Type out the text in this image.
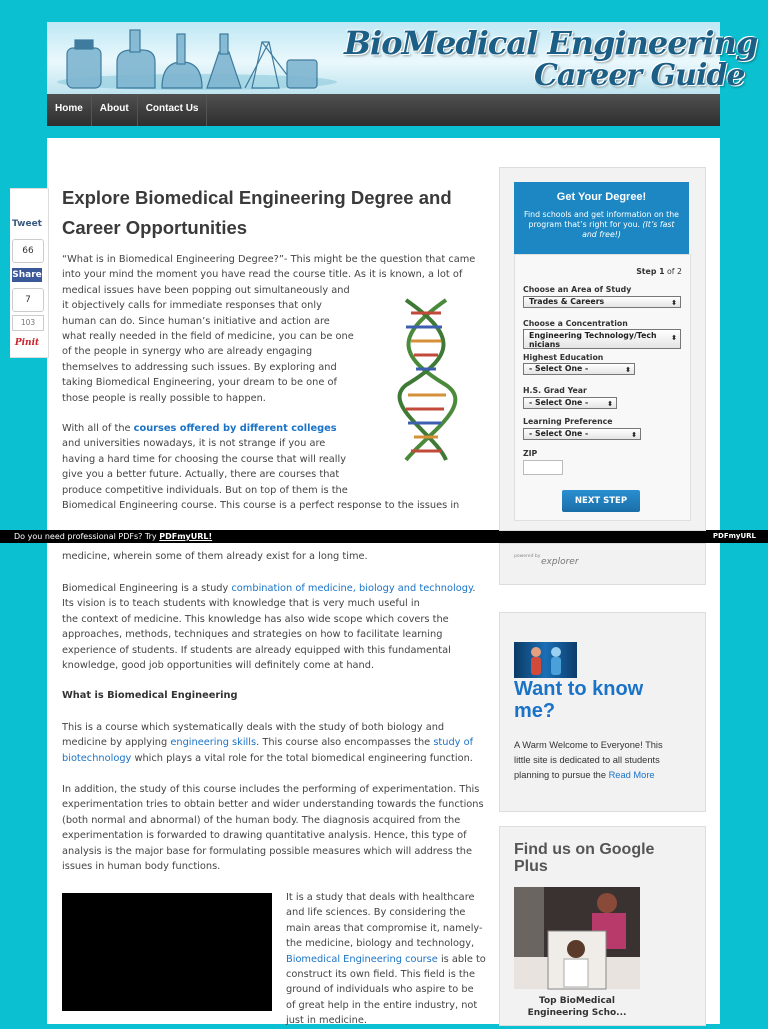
BioMedical Engineering
Career Guide
Home	About	Contact Us
Tweet
66
Share
7
103
Pinit
Explore Biomedical Engineering Degree and Career Opportunities
“What is in Biomedical Engineering Degree?”- This might be the question that came
into your mind the moment you have read the course title. As it is known, a lot of
medical issues have been popping out simultaneously and
it objectively calls for immediate responses that only
human can do. Since human’s initiative and action are
what really needed in the field of medicine, you can be one
of the people in synergy who are already engaging
themselves to addressing such issues. By exploring and
taking Biomedical Engineering, your dream to be one of
those people is really possible to happen.
With all of the courses offered by different colleges
and universities nowadays, it is not strange if you are
having a hard time for choosing the course that will really
give you a better future. Actually, there are courses that
produce competitive individuals. But on top of them is the
Biomedical Engineering course. This course is a perfect response to the issues in
Do you need professional PDFs? Try PDFmyURL!	PDFmyURL
medicine, wherein some of them already exist for a long time.
Biomedical Engineering is a study combination of medicine, biology and technology.
Its vision is to teach students with knowledge that is very much useful in
the context of medicine. This knowledge has also wide scope which covers the
approaches, methods, techniques and strategies on how to facilitate learning
experience of students. If students are already equipped with this fundamental
knowledge, good job opportunities will definitely come at hand.
What is Biomedical Engineering
This is a course which systematically deals with the study of both biology and
medicine by applying engineering skills. This course also encompasses the study of
biotechnology which plays a vital role for the total biomedical engineering function.
In addition, the study of this course includes the performing of experimentation. This
experimentation tries to obtain better and wider understanding towards the functions
(both normal and abnormal) of the human body. The diagnosis acquired from the
experimentation is forwarded to drawing quantitative analysis. Hence, this type of
analysis is the major base for formulating possible measures which will address the
issues in human body functions.
It is a study that deals with healthcare
and life sciences. By considering the
main areas that compromise it, namely-
the medicine, biology and technology,
Biomedical Engineering course is able to
construct its own field. This field is the
ground of individuals who aspire to be
of great help in the entire industry, not
just in medicine.
Get Your Degree!
Find schools and get information on the program that’s right for you. (It’s fast and free!)
Step 1 of 2
Choose an Area of Study
Trades & Careers	⬍
Choose a Concentration
Engineering Technology/Tech
nicians
⬍
Highest Education
- Select One -	⬍
H.S. Grad Year
- Select One -	⬍
Learning Preference
- Select One -	⬍
ZIP
NEXT STEP
powered by
explorer
Want to know
me?
A Warm Welcome to Everyone! This
little site is dedicated to all students
planning to pursue the Read More
Find us on Google
Plus
Top BioMedical
Engineering Scho...
